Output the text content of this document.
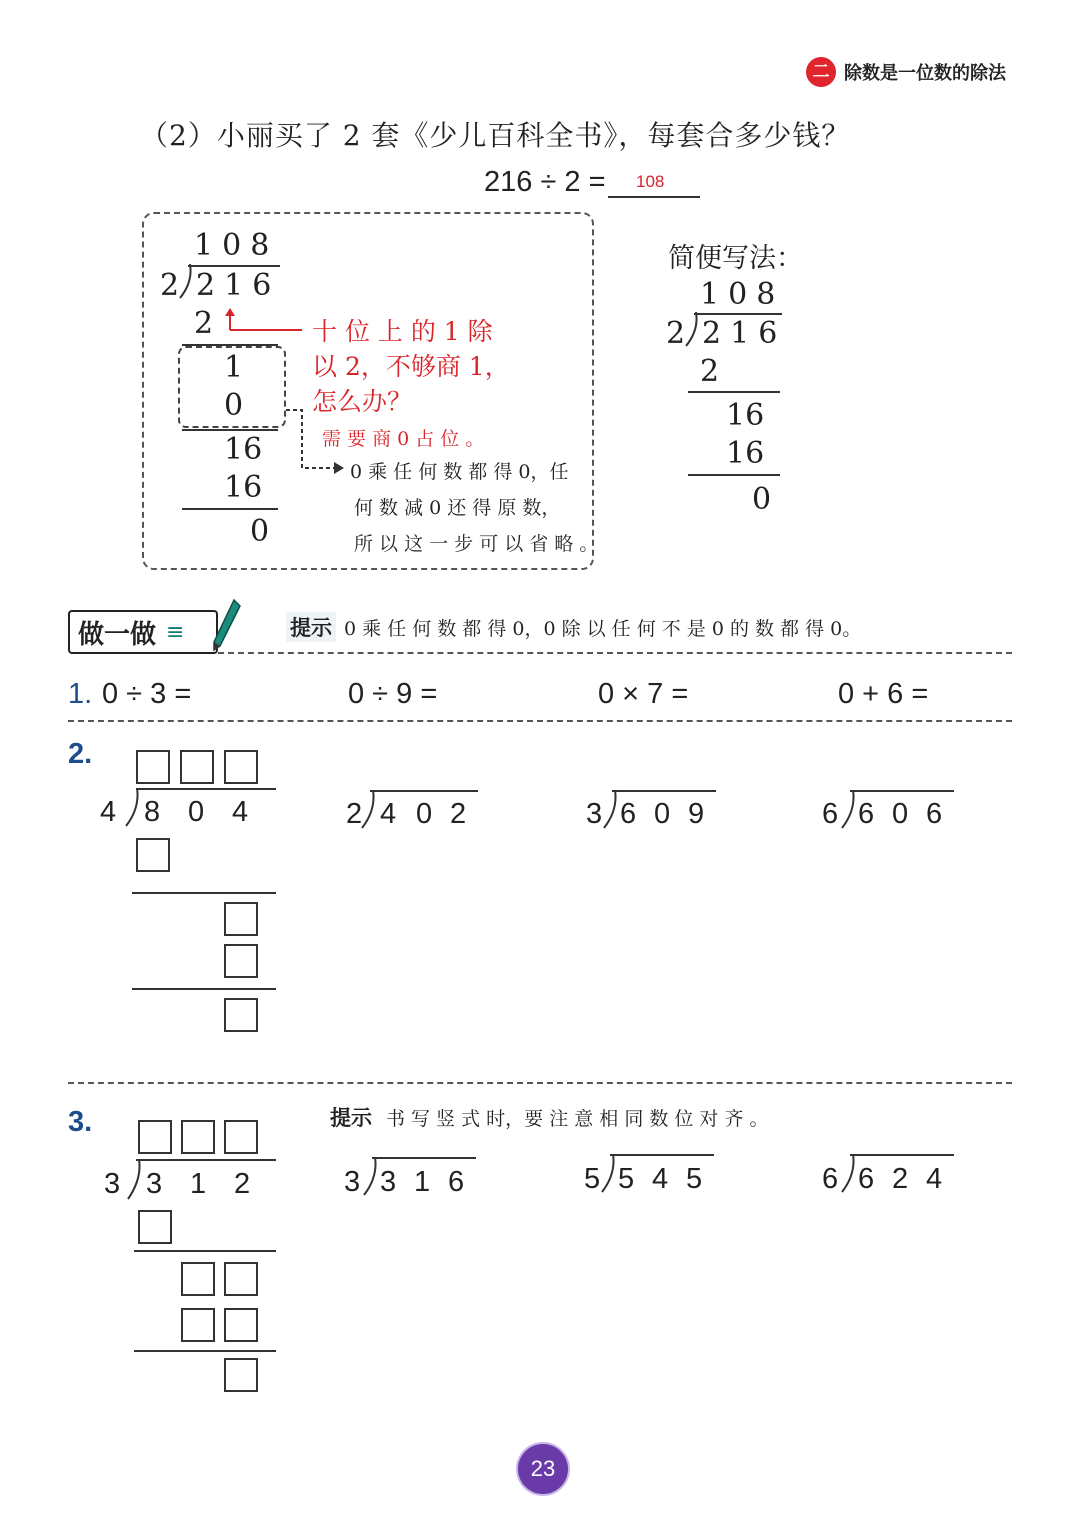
二 除数是一位数的除法
（2）小丽买了 2 套《少儿百科全书》，每套合多少钱？
216 ÷ 2 = 108
1 0 8
2 2 1 6
2
1
0
16
16
0
十 位 上 的 1 除
以 2，不够商 1，
怎么办？
需 要 商 0 占 位 。
0 乘 任 何 数 都 得 0，任
何 数 减 0 还 得 原 数，
所 以 这 一 步 可 以 省 略 。
简便写法：
1 0 8
2 2 1 6
2
16
16
0
做一做 ≡	提示 0 乘 任 何 数 都 得 0，0 除 以 任 何 不 是 0 的 数 都 得 0。
1. 0 ÷ 3 =	0 ÷ 9 =	0 × 7 =	0 + 6 =
2.
4 8 0 4	2 4 0 2	3 6 0 9	6 6 0 6
3.	提示 书 写 竖 式 时，要 注 意 相 同 数 位 对 齐 。
3 3 1 2	3 3 1 6	5 5 4 5	6 6 2 4
23
